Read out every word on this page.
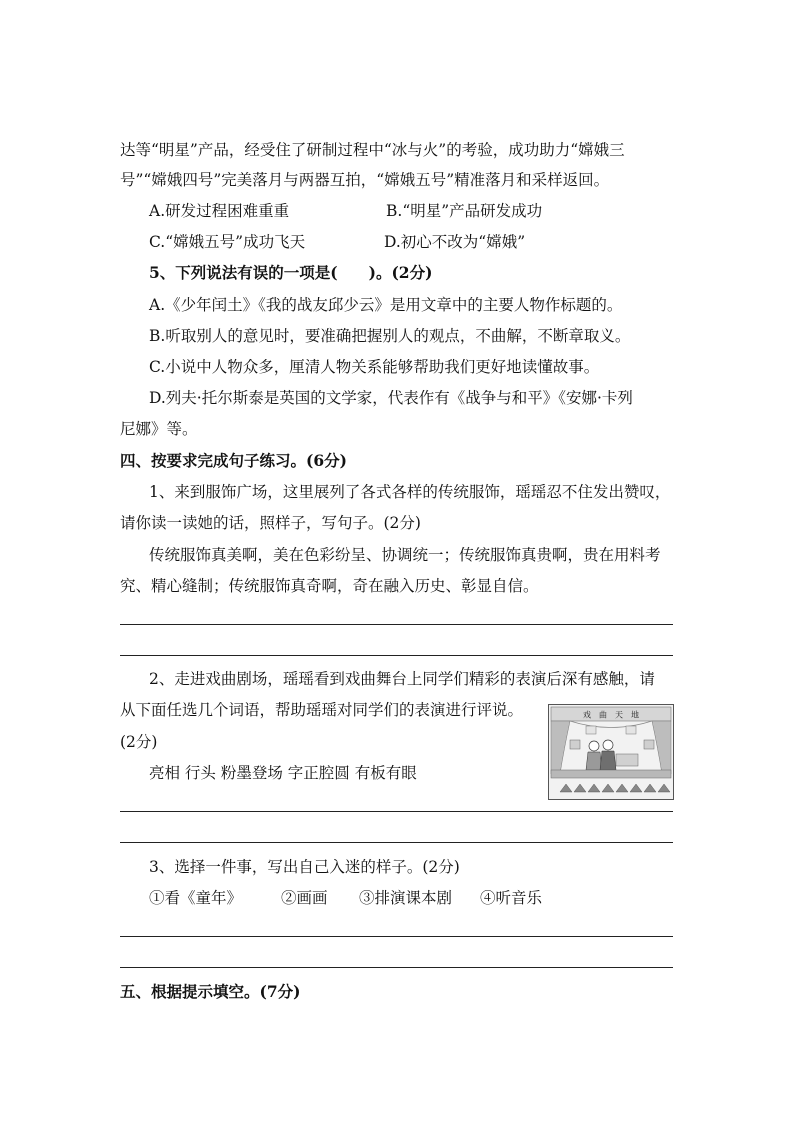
达等“明星”产品，经受住了研制过程中“冰与火”的考验，成功助力“嫦娥三
号”“嫦娥四号”完美落月与两器互拍，“嫦娥五号”精准落月和采样返回。
A.研发过程困难重重	B.“明星”产品研发成功
C.“嫦娥五号”成功飞天	D.初心不改为“嫦娥”
5、下列说法有误的一项是(　　)。(2分)
A.《少年闰土》《我的战友邱少云》是用文章中的主要人物作标题的。
B.听取别人的意见时，要准确把握别人的观点，不曲解，不断章取义。
C.小说中人物众多，厘清人物关系能够帮助我们更好地读懂故事。
D.列夫·托尔斯泰是英国的文学家，代表作有《战争与和平》《安娜·卡列
尼娜》等。
四、按要求完成句子练习。(6分)
1、来到服饰广场，这里展列了各式各样的传统服饰，瑶瑶忍不住发出赞叹，
请你读一读她的话，照样子，写句子。(2分)
传统服饰真美啊，美在色彩纷呈、协调统一；传统服饰真贵啊，贵在用料考
究、精心缝制；传统服饰真奇啊，奇在融入历史、彰显自信。
2、走进戏曲剧场，瑶瑶看到戏曲舞台上同学们精彩的表演后深有感触，请
从下面任选几个词语，帮助瑶瑶对同学们的表演进行评说。
(2分)
亮相 行头 粉墨登场 字正腔圆 有板有眼
戏　曲　天　地
3、选择一件事，写出自己入迷的样子。(2分)
①看《童年》	②画画 ③排演课本剧 ④听音乐
五、根据提示填空。(7分)
